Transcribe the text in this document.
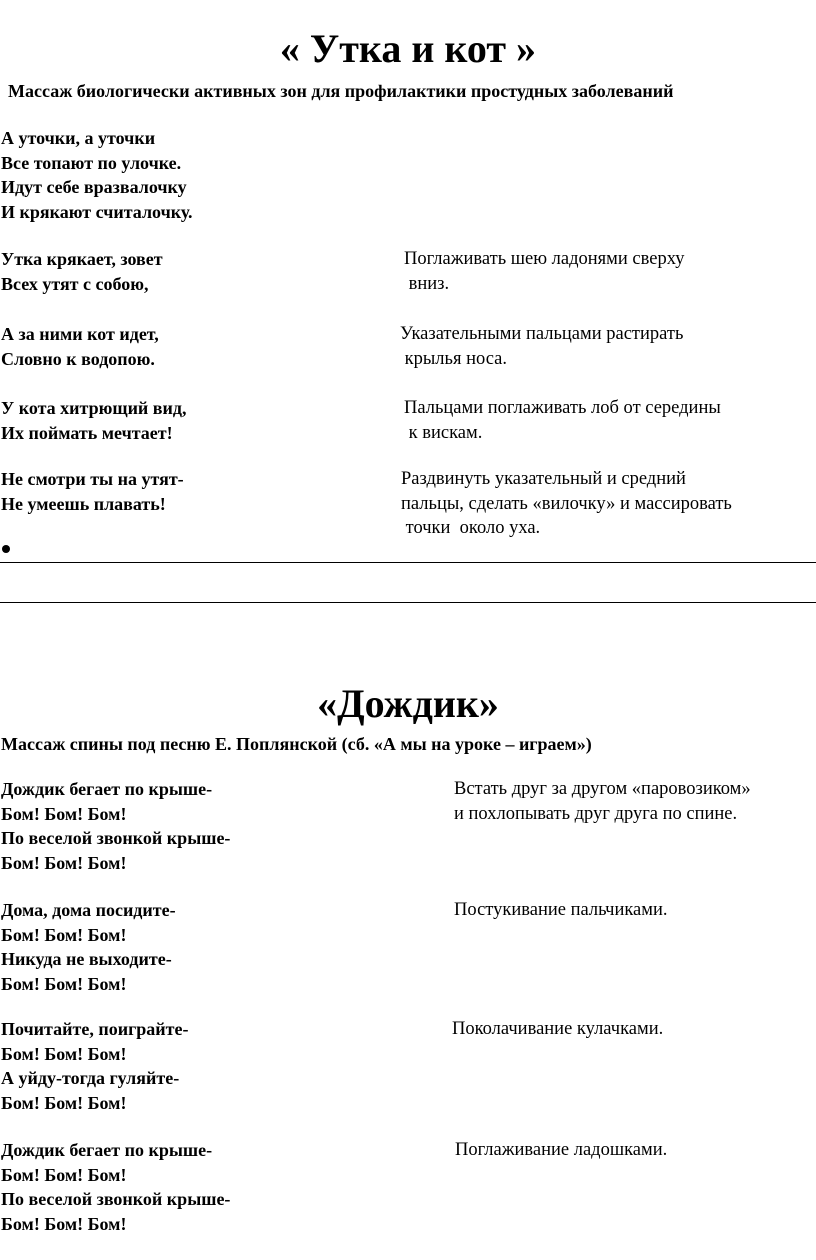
« Утка и кот »
Массаж биологически активных зон для профилактики простудных заболеваний
А уточки, а уточки
Все топают по улочке.
Идут себе вразвалочку
И крякают считалочку.
Утка крякает, зовет
Всех утят с собою,
Поглаживать шею ладонями сверху
вниз.
А за ними кот идет,
Словно к водопою.
Указательными пальцами растирать
крылья носа.
У кота хитрющий вид,
Их поймать мечтает!
Пальцами поглаживать лоб от середины
к вискам.
Не смотри ты на утят-
Не умеешь плавать!
Раздвинуть указательный и средний
пальцы, сделать «вилочку» и массировать
точки  около уха.
«Дождик»
Массаж спины под песню Е. Поплянской (сб. «А мы на уроке – играем»)
Дождик бегает по крыше-
Бом! Бом! Бом!
По веселой звонкой крыше-
Бом! Бом! Бом!
Встать друг за другом «паровозиком»
и похлопывать друг друга по спине.
Дома, дома посидите-
Бом! Бом! Бом!
Никуда не выходите-
Бом! Бом! Бом!
Постукивание пальчиками.
Почитайте, поиграйте-
Бом! Бом! Бом!
А уйду-тогда гуляйте-
Бом! Бом! Бом!
Поколачивание кулачками.
Дождик бегает по крыше-
Бом! Бом! Бом!
По веселой звонкой крыше-
Бом! Бом! Бом!
Поглаживание ладошками.
